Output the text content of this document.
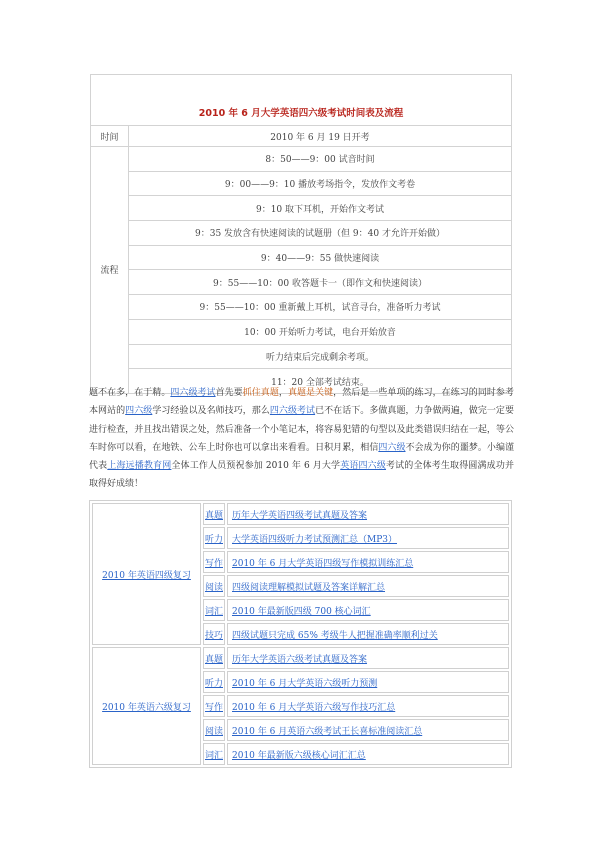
2010 年 6 月大学英语四六级考试时间表及流程	
时间	2010 年 6 月 19 日开考
流程	8：50——9：00 试音时间
	9：00——9：10 播放考场指令，发放作文考卷
	9：10 取下耳机，开始作文考试
	9：35 发放含有快速阅读的试题册（但 9：40 才允许开始做）
	9：40——9：55 做快速阅读
	9：55——10：00 收答题卡一（即作文和快速阅读）
	9：55——10：00 重新戴上耳机，试音寻台，准备听力考试
	10：00 开始听力考试，电台开始放音
	听力结束后完成剩余考项。
	11：20 全部考试结束。
题不在多，在于精。四六级考试首先要抓住真题，真题是关键，然后是一些单项的练习，在练习的同时参考本网站的四六级学习经验以及名师技巧，那么四六级考试已不在话下。多做真题，力争做两遍，做完一定要进行检查，并且找出错误之处，然后准备一个小笔记本，将容易犯错的句型以及此类错误归结在一起，等公车时你可以看，在地铁、公车上时你也可以拿出来看看。日积月累，相信四六级不会成为你的噩梦。小编谨代表上海远播教育网全体工作人员预祝参加 2010 年 6 月大学英语四六级考试的全体考生取得圆满成功并取得好成绩！
2010 年英语四级复习	真题	历年大学英语四级考试真题及答案
	听力	大学英语四级听力考试预测汇总（MP3）
	写作	2010 年 6 月大学英语四级写作模拟训练汇总
	阅读	四级阅读理解模拟试题及答案详解汇总
	词汇	2010 年最新版四级 700 核心词汇
	技巧	四级试题只完成 65% 考级牛人把握准确率顺利过关
2010 年英语六级复习	真题	历年大学英语六级考试真题及答案
	听力	2010 年 6 月大学英语六级听力预测
	写作	2010 年 6 月大学英语六级写作技巧汇总
	阅读	2010 年 6 月英语六级考试王长喜标准阅读汇总
	词汇	2010 年最新版六级核心词汇汇总
